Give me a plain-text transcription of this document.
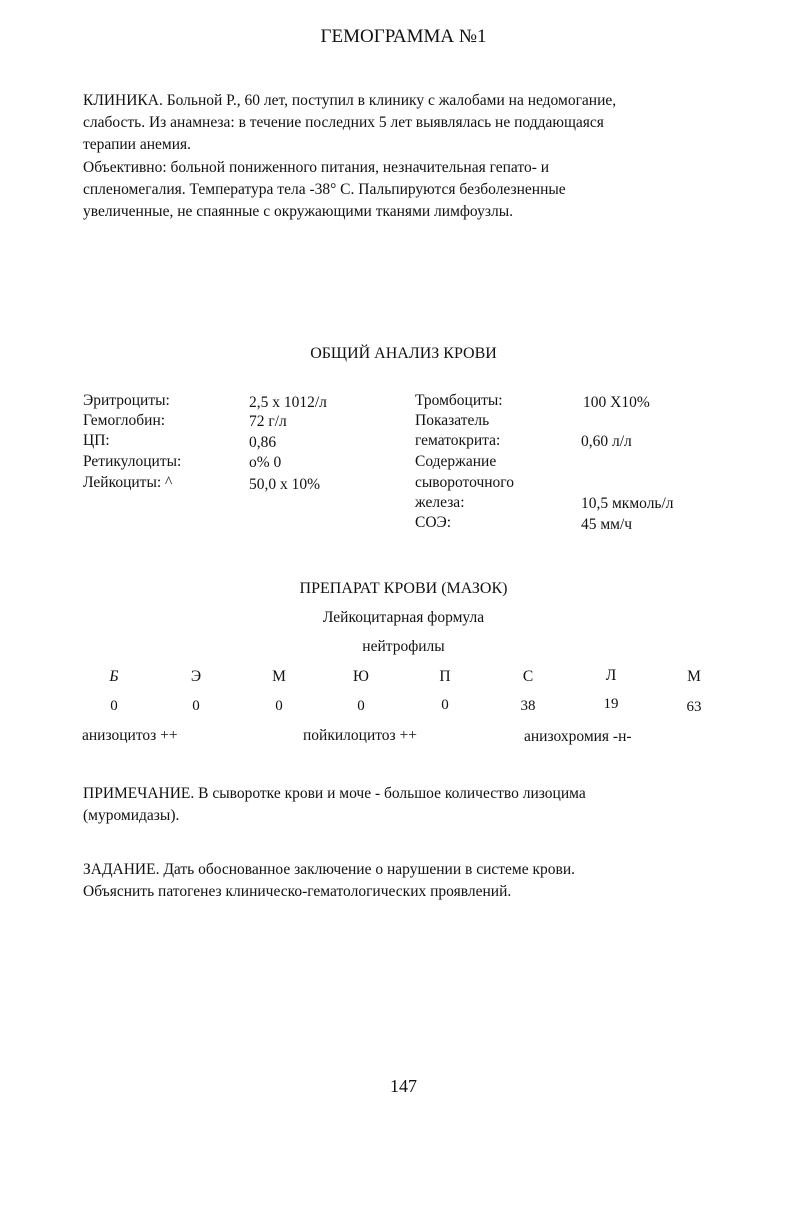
ГЕМОГРАММА №1
КЛИНИКА. Больной Р., 60 лет, поступил в клинику с жалобами на недомогание,
слабость. Из анамнеза: в течение последних 5 лет выявлялась не поддающаяся
терапии анемия.
Объективно: больной пониженного питания, незначительная гепато- и
спленомегалия. Температура тела -38° С. Пальпируются безболезненные
увеличенные, не спаянные с окружающими тканями лимфоузлы.
ОБЩИЙ АНАЛИЗ КРОВИ
Эритроциты:	2,5 x 1012/л
Гемоглобин:	72 г/л
ЦП:	0,86
Ретикулоциты:	о% 0
Лейкоциты: ^	50,0 x 10%
Тромбоциты:	100 Х10%
Показатель
гематокрита:	0,60 л/л
Содержание
сывороточного
железа:	10,5 мкмоль/л
СОЭ:	45 мм/ч
ПРЕПАРАТ КРОВИ (МАЗОК)
Лейкоцитарная формула
нейтрофилы
Б	Э	М	Ю	П	С	Л	М
0	0	0	0	0	38	19	63
анизоцитоз ++	пойкилоцитоз ++	анизохромия -н-
ПРИМЕЧАНИЕ. В сыворотке крови и моче - большое количество лизоцима
(муромидазы).
ЗАДАНИЕ. Дать обоснованное заключение о нарушении в системе крови.
Объяснить патогенез клиническо-гематологических проявлений.
147
